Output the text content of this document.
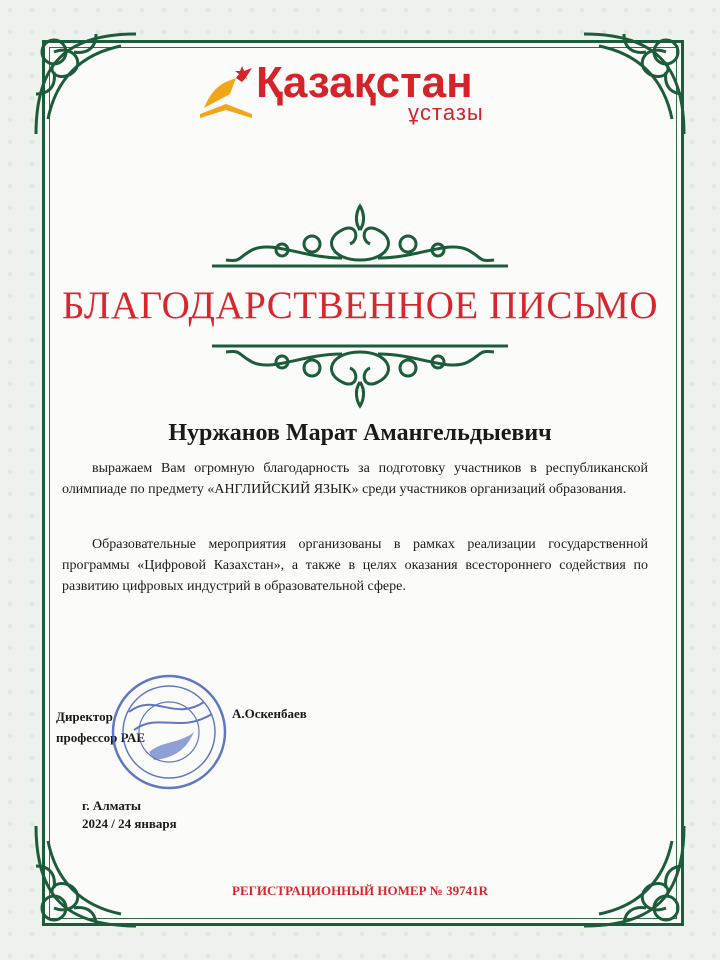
Қазақстан
ұстазы
БЛАГОДАРСТВЕННОЕ ПИСЬМО
Нуржанов Марат Амангельдыевич
выражаем Вам огромную благодарность за подготовку участников в республиканской олимпиаде по предмету «АНГЛИЙСКИЙ ЯЗЫК» среди участников организаций образования.
Образовательные мероприятия организованы в рамках реализации государственной программы «Цифровой Казахстан», а также в целях оказания всестороннего содействия по развитию цифровых индустрий в образовательной сфере.
Директор
профессор РАЕ
А.Оскенбаев
г. Алматы
2024 / 24 января
РЕГИСТРАЦИОННЫЙ НОМЕР № 39741R
